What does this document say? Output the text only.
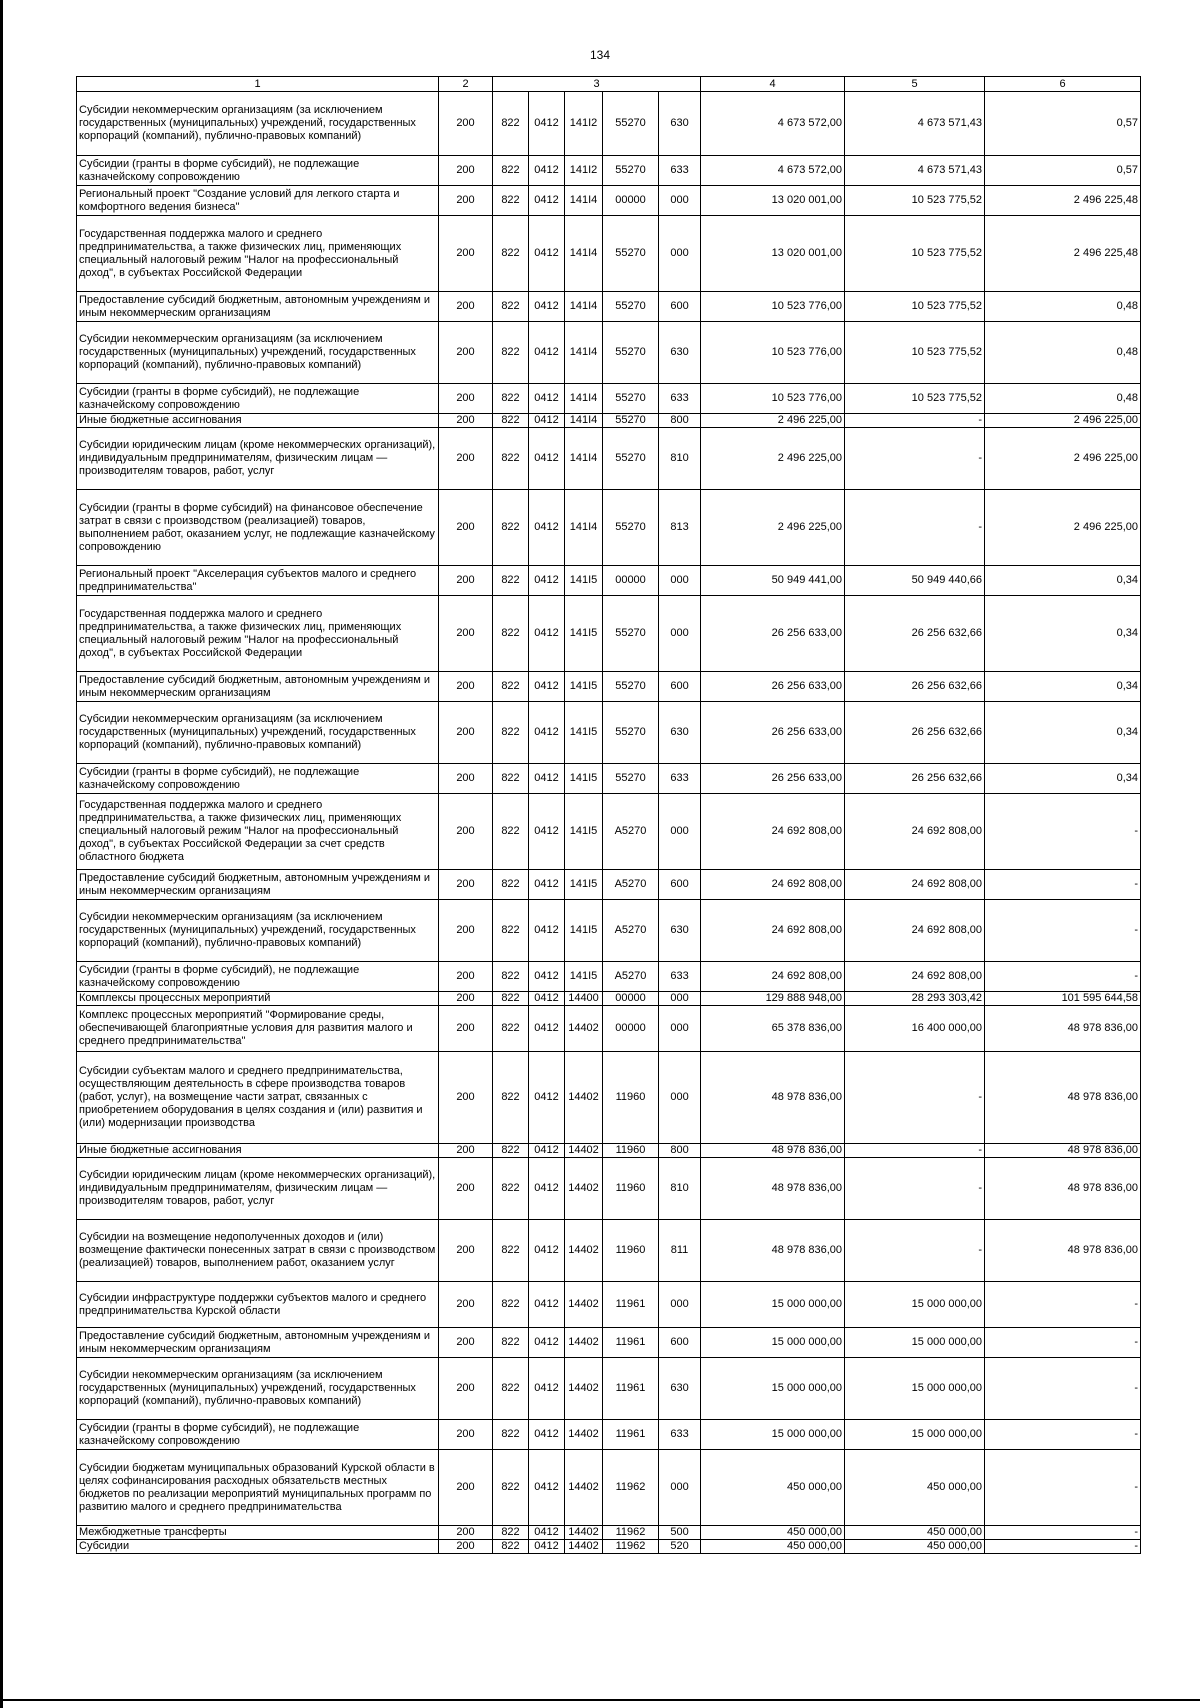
134
1	2	3					4	5	6
Субсидии некоммерческим организациям (за исключением государственных (муниципальных) учреждений, государственных корпораций (компаний), публично-правовых компаний)	200	822	0412	141I2	55270	630	4 673 572,00	4 673 571,43	0,57
Субсидии (гранты в форме субсидий), не подлежащие казначейскому сопровождению	200	822	0412	141I2	55270	633	4 673 572,00	4 673 571,43	0,57
Региональный проект "Создание условий для легкого старта и комфортного ведения бизнеса"	200	822	0412	141I4	00000	000	13 020 001,00	10 523 775,52	2 496 225,48
Государственная поддержка малого и среднего предпринимательства, а также физических лиц, применяющих специальный налоговый режим "Налог на профессиональный доход", в субъектах Российской Федерации	200	822	0412	141I4	55270	000	13 020 001,00	10 523 775,52	2 496 225,48
Предоставление субсидий бюджетным, автономным учреждениям и иным некоммерческим организациям	200	822	0412	141I4	55270	600	10 523 776,00	10 523 775,52	0,48
Субсидии некоммерческим организациям (за исключением государственных (муниципальных) учреждений, государственных корпораций (компаний), публично-правовых компаний)	200	822	0412	141I4	55270	630	10 523 776,00	10 523 775,52	0,48
Субсидии (гранты в форме субсидий), не подлежащие казначейскому сопровождению	200	822	0412	141I4	55270	633	10 523 776,00	10 523 775,52	0,48
Иные бюджетные ассигнования	200	822	0412	141I4	55270	800	2 496 225,00	-	2 496 225,00
Субсидии юридическим лицам (кроме некоммерческих организаций), индивидуальным предпринимателям, физическим лицам — производителям товаров, работ, услуг	200	822	0412	141I4	55270	810	2 496 225,00	-	2 496 225,00
Субсидии (гранты в форме субсидий) на финансовое обеспечение затрат в связи с производством (реализацией) товаров, выполнением работ, оказанием услуг, не подлежащие казначейскому сопровождению	200	822	0412	141I4	55270	813	2 496 225,00	-	2 496 225,00
Региональный проект "Акселерация субъектов малого и среднего предпринимательства"	200	822	0412	141I5	00000	000	50 949 441,00	50 949 440,66	0,34
Государственная поддержка малого и среднего предпринимательства, а также физических лиц, применяющих специальный налоговый режим "Налог на профессиональный доход", в субъектах Российской Федерации	200	822	0412	141I5	55270	000	26 256 633,00	26 256 632,66	0,34
Предоставление субсидий бюджетным, автономным учреждениям и иным некоммерческим организациям	200	822	0412	141I5	55270	600	26 256 633,00	26 256 632,66	0,34
Субсидии некоммерческим организациям (за исключением государственных (муниципальных) учреждений, государственных корпораций (компаний), публично-правовых компаний)	200	822	0412	141I5	55270	630	26 256 633,00	26 256 632,66	0,34
Субсидии (гранты в форме субсидий), не подлежащие казначейскому сопровождению	200	822	0412	141I5	55270	633	26 256 633,00	26 256 632,66	0,34
Государственная поддержка малого и среднего предпринимательства, а также физических лиц, применяющих специальный налоговый режим "Налог на профессиональный доход", в субъектах Российской Федерации за счет средств областного бюджета	200	822	0412	141I5	A5270	000	24 692 808,00	24 692 808,00	-
Предоставление субсидий бюджетным, автономным учреждениям и иным некоммерческим организациям	200	822	0412	141I5	A5270	600	24 692 808,00	24 692 808,00	-
Субсидии некоммерческим организациям (за исключением государственных (муниципальных) учреждений, государственных корпораций (компаний), публично-правовых компаний)	200	822	0412	141I5	A5270	630	24 692 808,00	24 692 808,00	-
Субсидии (гранты в форме субсидий), не подлежащие казначейскому сопровождению	200	822	0412	141I5	A5270	633	24 692 808,00	24 692 808,00	-
Комплексы процессных мероприятий	200	822	0412	14400	00000	000	129 888 948,00	28 293 303,42	101 595 644,58
Комплекс процессных мероприятий "Формирование среды, обеспечивающей благоприятные условия для развития малого и среднего предпринимательства"	200	822	0412	14402	00000	000	65 378 836,00	16 400 000,00	48 978 836,00
Субсидии субъектам малого и среднего предпринимательства, осуществляющим деятельность в сфере производства товаров (работ, услуг), на возмещение части затрат, связанных с приобретением оборудования в целях создания и (или) развития и (или) модернизации производства	200	822	0412	14402	11960	000	48 978 836,00	-	48 978 836,00
Иные бюджетные ассигнования	200	822	0412	14402	11960	800	48 978 836,00	-	48 978 836,00
Субсидии юридическим лицам (кроме некоммерческих организаций), индивидуальным предпринимателям, физическим лицам — производителям товаров, работ, услуг	200	822	0412	14402	11960	810	48 978 836,00	-	48 978 836,00
Субсидии на возмещение недополученных доходов и (или) возмещение фактически понесенных затрат в связи с производством (реализацией) товаров, выполнением работ, оказанием услуг	200	822	0412	14402	11960	811	48 978 836,00	-	48 978 836,00
Субсидии инфраструктуре поддержки субъектов малого и среднего предпринимательства Курской области	200	822	0412	14402	11961	000	15 000 000,00	15 000 000,00	-
Предоставление субсидий бюджетным, автономным учреждениям и иным некоммерческим организациям	200	822	0412	14402	11961	600	15 000 000,00	15 000 000,00	-
Субсидии некоммерческим организациям (за исключением государственных (муниципальных) учреждений, государственных корпораций (компаний), публично-правовых компаний)	200	822	0412	14402	11961	630	15 000 000,00	15 000 000,00	-
Субсидии (гранты в форме субсидий), не подлежащие казначейскому сопровождению	200	822	0412	14402	11961	633	15 000 000,00	15 000 000,00	-
Субсидии бюджетам муниципальных образований Курской области в целях софинансирования расходных обязательств местных бюджетов по реализации мероприятий муниципальных программ по развитию малого и среднего предпринимательства	200	822	0412	14402	11962	000	450 000,00	450 000,00	-
Межбюджетные трансферты	200	822	0412	14402	11962	500	450 000,00	450 000,00	-
Субсидии	200	822	0412	14402	11962	520	450 000,00	450 000,00	-
